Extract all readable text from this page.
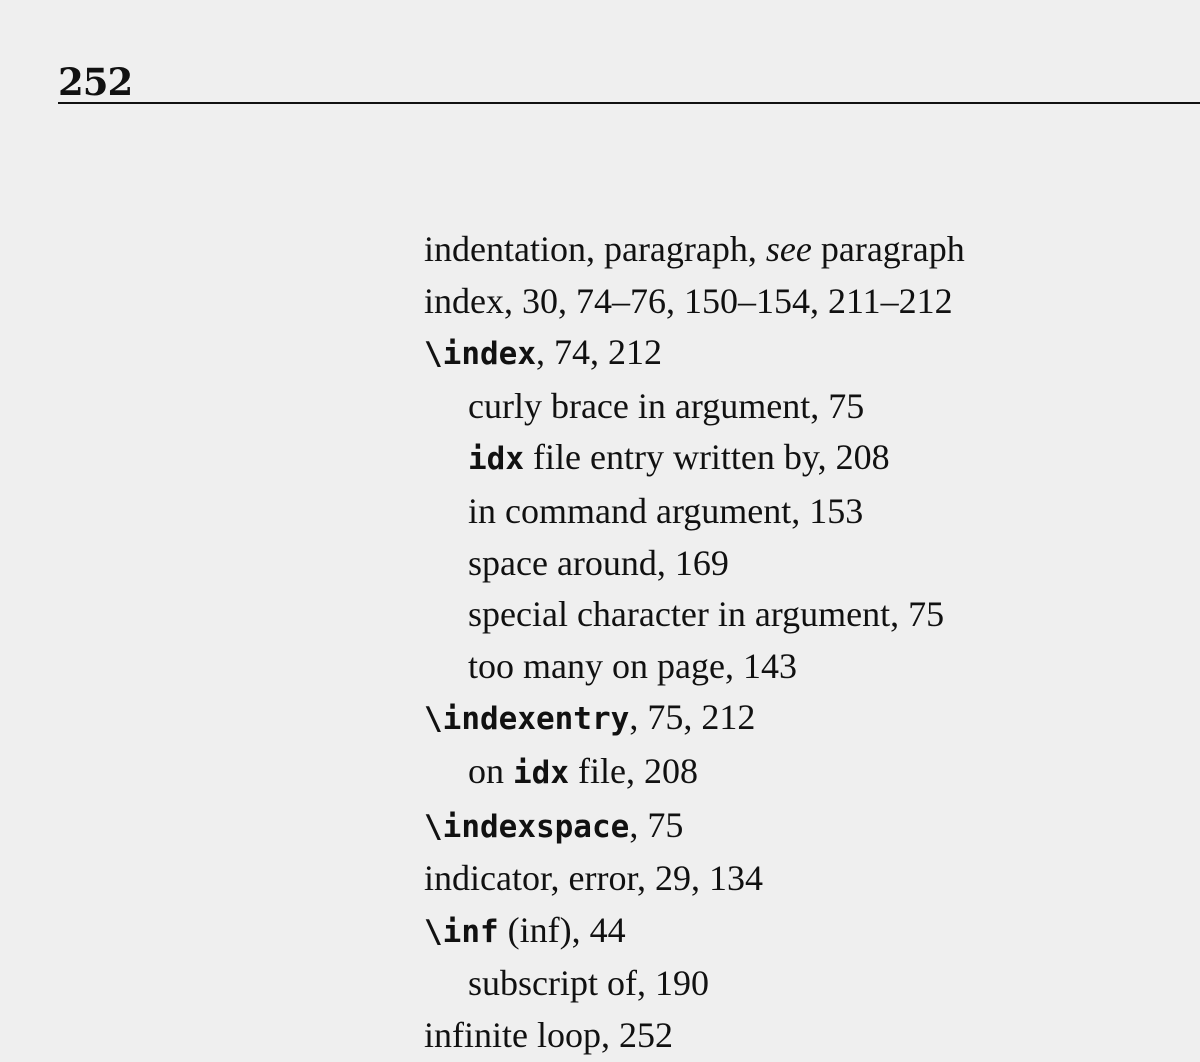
252
indentation, paragraph, see paragraph
index, 30, 74–76, 150–154, 211–212
\index, 74, 212
curly brace in argument, 75
idx file entry written by, 208
in command argument, 153
space around, 169
special character in argument, 75
too many on page, 143
\indexentry, 75, 212
on idx file, 208
\indexspace, 75
indicator, error, 29, 134
\inf (inf), 44
subscript of, 190
infinite loop, 252
